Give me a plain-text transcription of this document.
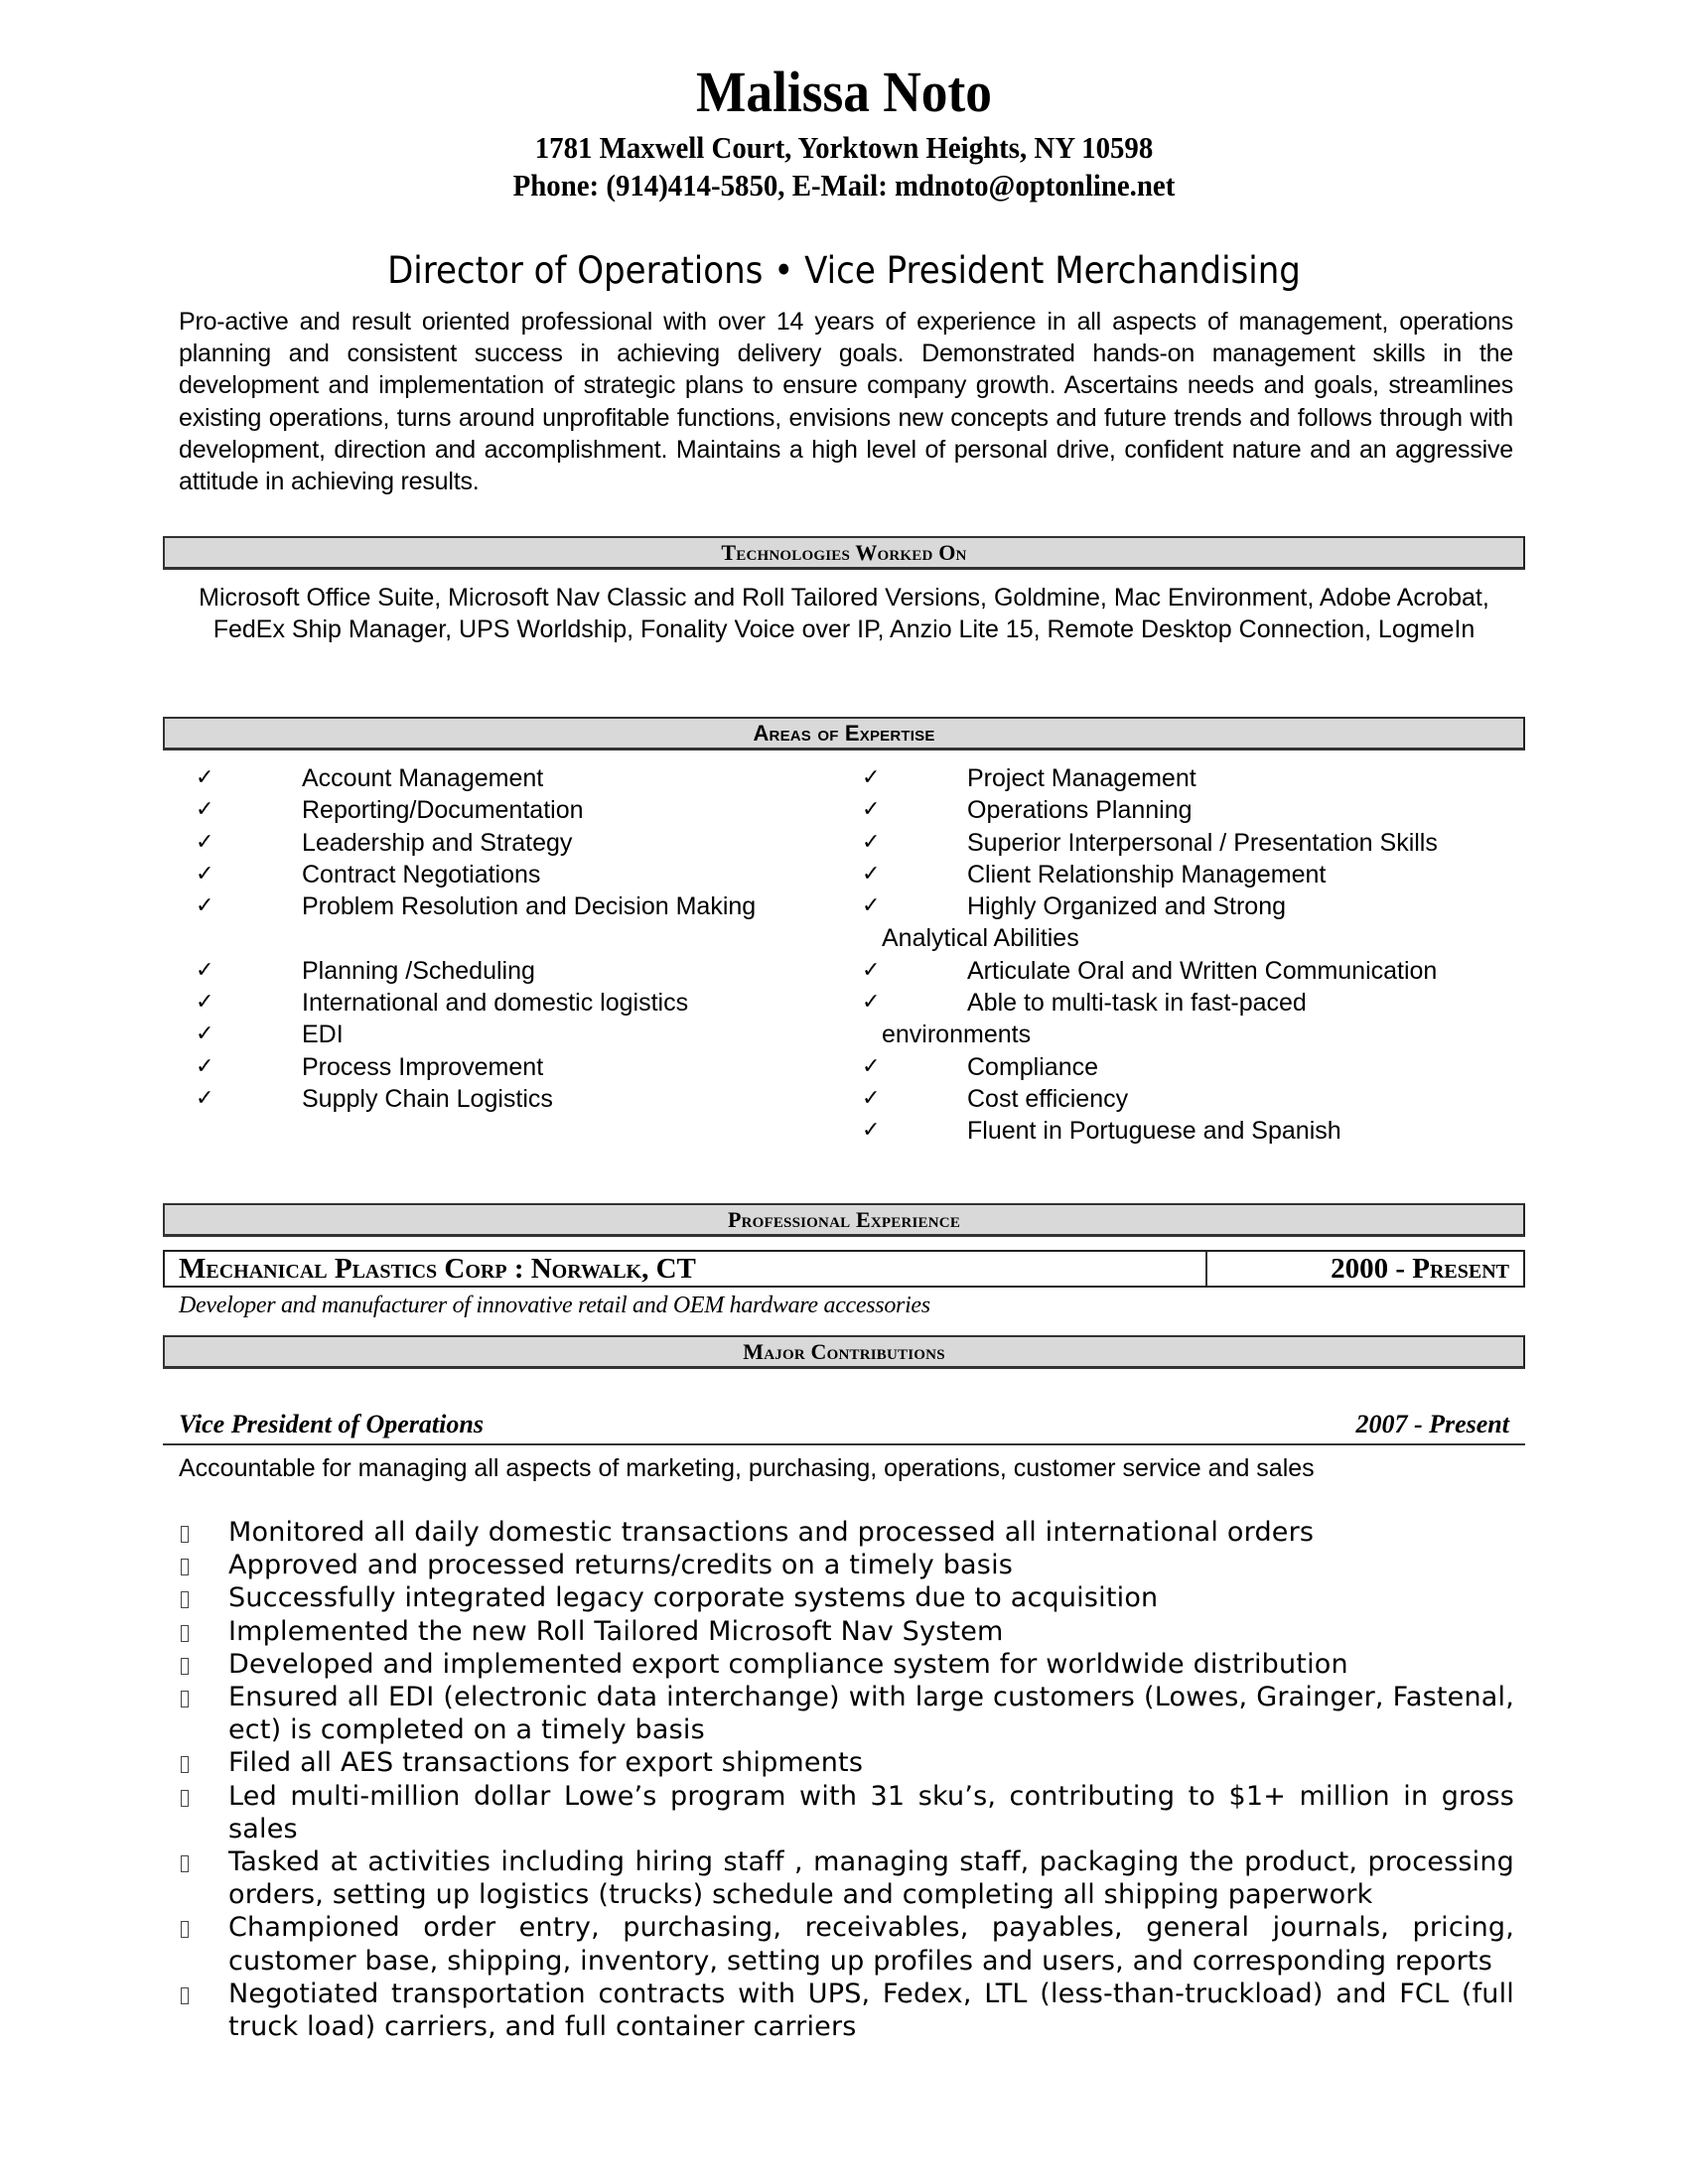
Malissa Noto
1781 Maxwell Court, Yorktown Heights, NY 10598
Phone: (914)414-5850, E-Mail: mdnoto@optonline.net
Director of Operations • Vice President Merchandising
Pro-active and result oriented professional with over 14 years of experience in all aspects of management, operations planning and consistent success in achieving delivery goals. Demonstrated hands-on management skills in the development and implementation of strategic plans to ensure company growth. Ascertains needs and goals, streamlines existing operations, turns around unprofitable functions, envisions new concepts and future trends and follows through with development, direction and accomplishment. Maintains a high level of personal drive, confident nature and an aggressive attitude in achieving results.
Technologies Worked On
Microsoft Office Suite, Microsoft Nav Classic and Roll Tailored Versions, Goldmine, Mac Environment, Adobe Acrobat, FedEx Ship Manager, UPS Worldship, Fonality Voice over IP, Anzio Lite 15, Remote Desktop Connection, LogmeIn
Areas of Expertise
✓	Account Management
✓	Reporting/Documentation
✓	Leadership and Strategy
✓	Contract Negotiations
✓	Problem Resolution and Decision Making
✓	Planning /Scheduling
✓	International and domestic logistics
✓	EDI
✓	Process Improvement
✓	Supply Chain Logistics
✓	Project Management
✓	Operations Planning
✓	Superior Interpersonal / Presentation Skills
✓	Client Relationship Management
✓	Highly Organized and Strong Analytical Abilities
✓	Articulate Oral and Written Communication
✓	Able to multi-task in fast-paced environments
✓	Compliance
✓	Cost efficiency
✓	Fluent in Portuguese and Spanish
Professional Experience
Mechanical Plastics Corp : Norwalk, CT	2000 - Present
Developer and manufacturer of innovative retail and OEM hardware accessories
Major Contributions
Vice President of Operations	2007 - Present
Accountable for managing all aspects of marketing, purchasing, operations, customer service and sales
Monitored all daily domestic transactions and processed all international orders
Approved and processed returns/credits on a timely basis
Successfully integrated legacy corporate systems due to acquisition
Implemented the new Roll Tailored Microsoft Nav System
Developed and implemented export compliance system for worldwide distribution
Ensured all EDI (electronic data interchange) with large customers (Lowes, Grainger, Fastenal, ect) is completed on a timely basis
Filed all AES transactions for export shipments
Led multi-million dollar Lowe’s program with 31 sku’s, contributing to $1+ million in gross sales
Tasked at activities including hiring staff , managing staff, packaging the product, processing orders, setting up logistics (trucks) schedule and completing all shipping paperwork
Championed order entry, purchasing, receivables, payables, general journals, pricing, customer base, shipping, inventory, setting up profiles and users, and corresponding reports
Negotiated transportation contracts with UPS, Fedex, LTL (less-than-truckload) and FCL (full truck load) carriers, and full container carriers
